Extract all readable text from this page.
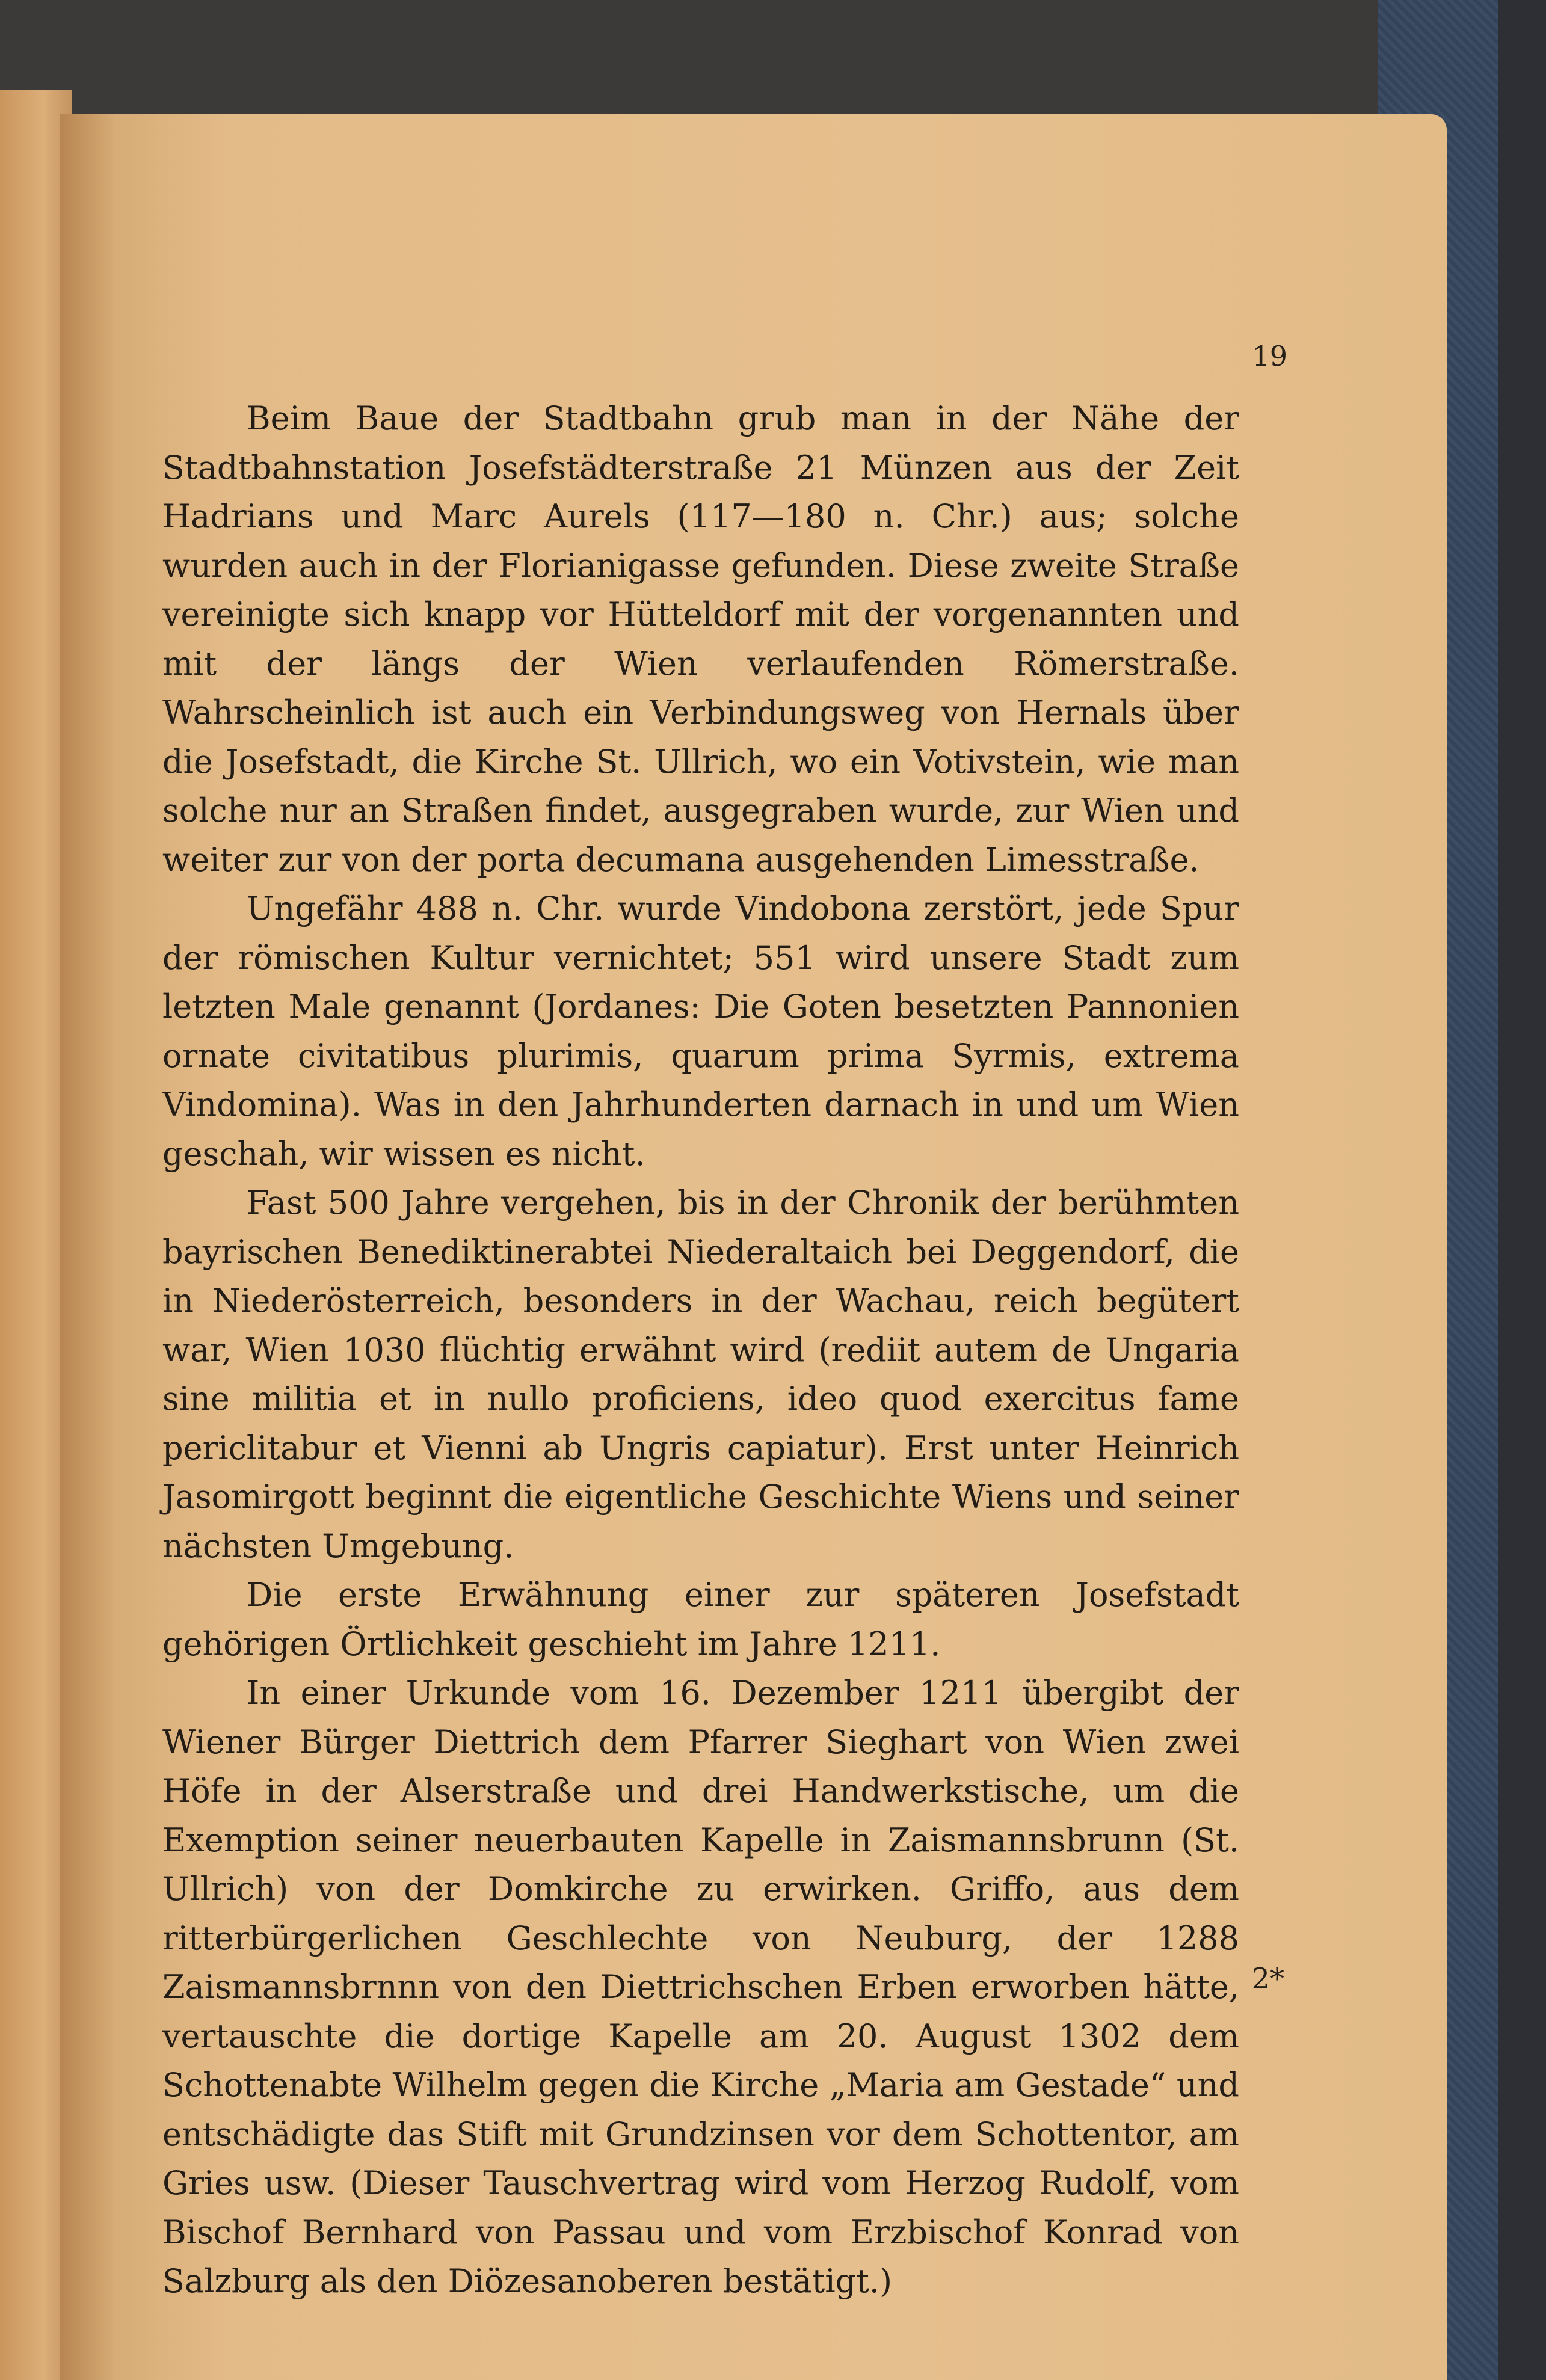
19

Beim Baue der Stadtbahn grub man in der Nähe der Stadtbahnstation Josefstädterstraße 21 Münzen aus der Zeit Hadrians und Marc Aurels (117—180 n. Chr.) aus; solche wurden auch in der Florianigasse gefunden. Diese zweite Straße vereinigte sich knapp vor Hütteldorf mit der vorgenannten und mit der längs der Wien verlaufenden Römerstraße. Wahrscheinlich ist auch ein Verbindungsweg von Hernals über die Josefstadt, die Kirche St. Ullrich, wo ein Votivstein, wie man solche nur an Straßen findet, ausgegraben wurde, zur Wien und weiter zur von der porta decumana ausgehenden Limesstraße.

Ungefähr 488 n. Chr. wurde Vindobona zerstört, jede Spur der römischen Kultur vernichtet; 551 wird unsere Stadt zum letzten Male genannt (Jordanes: Die Goten besetzten Pannonien ornate civitatibus plurimis, quarum prima Syrmis, extrema Vindomina). Was in den Jahrhunderten darnach in und um Wien geschah, wir wissen es nicht.

Fast 500 Jahre vergehen, bis in der Chronik der berühmten bayrischen Benediktinerabtei Niederaltaich bei Deggendorf, die in Niederösterreich, besonders in der Wachau, reich begütert war, Wien 1030 flüchtig erwähnt wird (rediit autem de Ungaria sine militia et in nullo proficiens, ideo quod exercitus fame periclitabur et Vienni ab Ungris capiatur). Erst unter Heinrich Jasomirgott beginnt die eigentliche Geschichte Wiens und seiner nächsten Umgebung.

Die erste Erwähnung einer zur späteren Josefstadt gehörigen Örtlichkeit geschieht im Jahre 1211.

In einer Urkunde vom 16. Dezember 1211 übergibt der Wiener Bürger Diettrich dem Pfarrer Sieghart von Wien zwei Höfe in der Alserstraße und drei Handwerkstische, um die Exemption seiner neuerbauten Kapelle in Zaismannsbrunn (St. Ullrich) von der Domkirche zu erwirken. Griffo, aus dem ritterbürgerlichen Geschlechte von Neuburg, der 1288 Zaismannsbrnnn von den Diettrichschen Erben erworben hätte, vertauschte die dortige Kapelle am 20. August 1302 dem Schottenabte Wilhelm gegen die Kirche „Maria am Gestade“ und entschädigte das Stift mit Grundzinsen vor dem Schottentor, am Gries usw. (Dieser Tauschvertrag wird vom Herzog Rudolf, vom Bischof Bernhard von Passau und vom Erzbischof Konrad von Salzburg als den Diözesanoberen bestätigt.)

2*
